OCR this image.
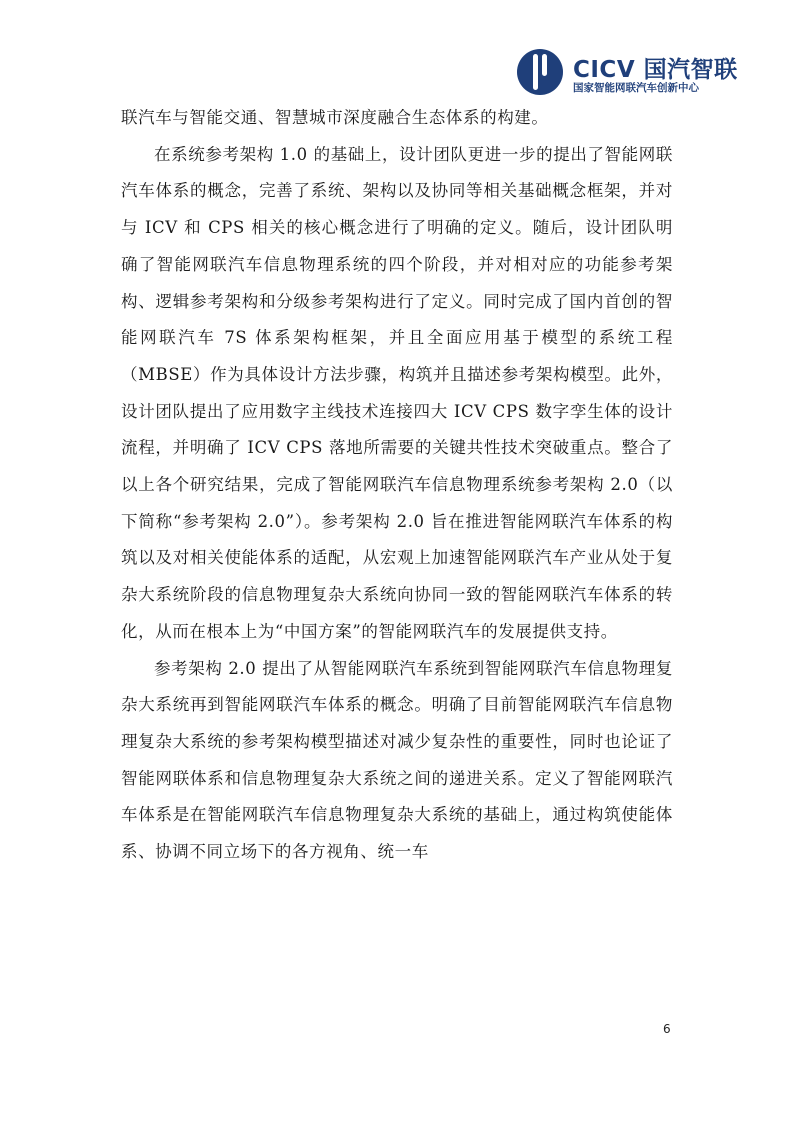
CICV 国汽智联
国家智能网联汽车创新中心

联汽车与智能交通、智慧城市深度融合生态体系的构建。

在系统参考架构 1.0 的基础上，设计团队更进一步的提出了智能网联汽车体系的概念，完善了系统、架构以及协同等相关基础概念框架，并对与 ICV 和 CPS 相关的核心概念进行了明确的定义。随后，设计团队明确了智能网联汽车信息物理系统的四个阶段，并对相对应的功能参考架构、逻辑参考架构和分级参考架构进行了定义。同时完成了国内首创的智能网联汽车 7S 体系架构框架，并且全面应用基于模型的系统工程（MBSE）作为具体设计方法步骤，构筑并且描述参考架构模型。此外，设计团队提出了应用数字主线技术连接四大 ICV CPS 数字孪生体的设计流程，并明确了 ICV CPS 落地所需要的关键共性技术突破重点。整合了以上各个研究结果，完成了智能网联汽车信息物理系统参考架构 2.0（以下简称“参考架构 2.0”）。参考架构 2.0 旨在推进智能网联汽车体系的构筑以及对相关使能体系的适配，从宏观上加速智能网联汽车产业从处于复杂大系统阶段的信息物理复杂大系统向协同一致的智能网联汽车体系的转化，从而在根本上为“中国方案”的智能网联汽车的发展提供支持。

参考架构 2.0 提出了从智能网联汽车系统到智能网联汽车信息物理复杂大系统再到智能网联汽车体系的概念。明确了目前智能网联汽车信息物理复杂大系统的参考架构模型描述对减少复杂性的重要性，同时也论证了智能网联体系和信息物理复杂大系统之间的递进关系。定义了智能网联汽车体系是在智能网联汽车信息物理复杂大系统的基础上，通过构筑使能体系、协调不同立场下的各方视角、统一车

6
